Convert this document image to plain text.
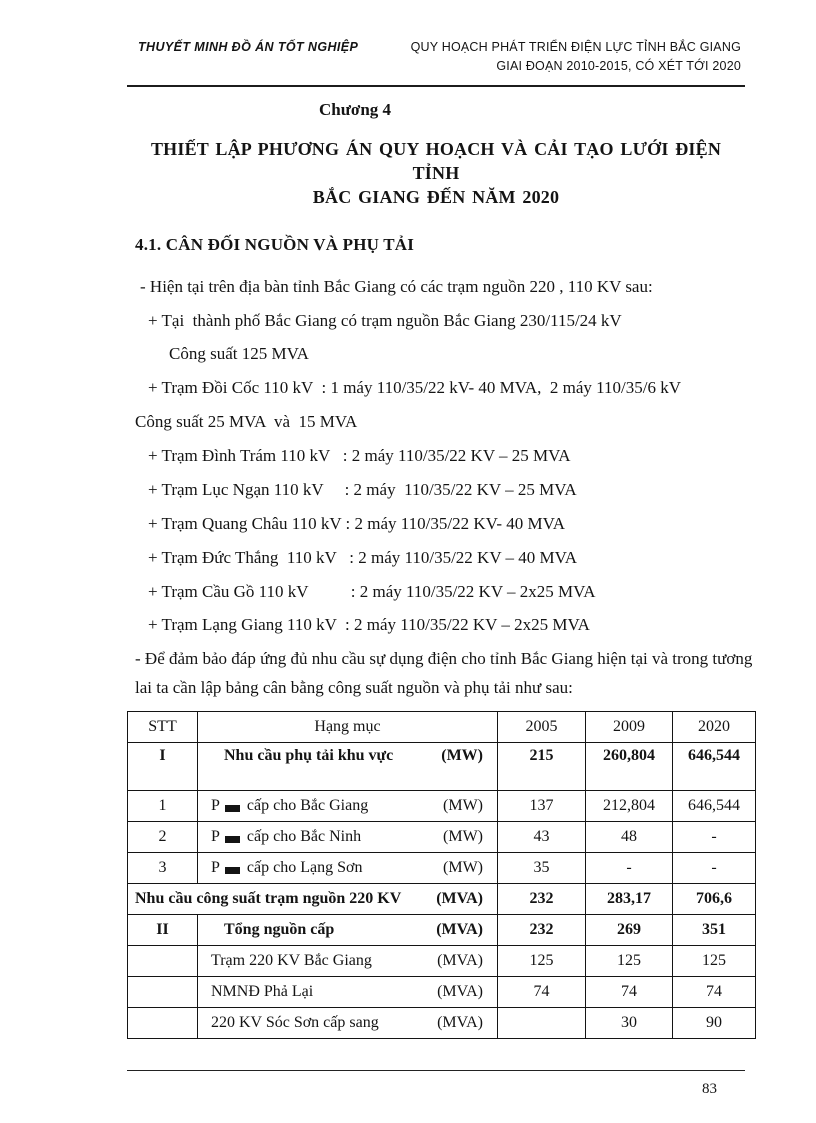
THUYẾT MINH ĐỒ ÁN TỐT NGHIỆP	QUY HOẠCH PHÁT TRIỂN ĐIỆN LỰC TỈNH BẮC GIANG
GIAI ĐOẠN 2010-2015, CÓ XÉT TỚI 2020
Chương 4
THIẾT LẬP PHƯƠNG ÁN QUY HOẠCH VÀ CẢI TẠO LƯỚI ĐIỆN TỈNH
BẮC GIANG ĐẾN NĂM 2020
4.1. CÂN ĐỐI NGUỒN VÀ PHỤ TẢI

- Hiện tại trên địa bàn tỉnh Bắc Giang có các trạm nguồn 220 , 110 KV sau:

+ Tại  thành phố Bắc Giang có trạm nguồn Bắc Giang 230/115/24 kV

Công suất 125 MVA

+ Trạm Đồi Cốc 110 kV  : 1 máy 110/35/22 kV- 40 MVA,  2 máy 110/35/6 kV

Công suất 25 MVA  và  15 MVA

+ Trạm Đình Trám 110 kV   : 2 máy 110/35/22 KV – 25 MVA

+ Trạm Lục Ngạn 110 kV     : 2 máy  110/35/22 KV – 25 MVA

+ Trạm Quang Châu 110 kV : 2 máy 110/35/22 KV- 40 MVA

+ Trạm Đức Thắng  110 kV   : 2 máy 110/35/22 KV – 40 MVA

+ Trạm Cầu Gồ 110 kV          : 2 máy 110/35/22 KV – 2x25 MVA

+ Trạm Lạng Giang 110 kV  : 2 máy 110/35/22 KV – 2x25 MVA

- Để đảm bảo đáp ứng đủ nhu cầu sự dụng điện cho tỉnh Bắc Giang hiện tại và trong tương lai ta cần lập bảng cân bằng công suất nguồn và phụ tải như sau:

STT	Hạng mục	2005	2009	2020
I	Nhu cầu phụ tải khu vực (MW)	215	260,804	646,544
1	P cấp cho Bắc Giang (MW)	137	212,804	646,544
2	P cấp cho Bắc Ninh (MW)	43	48	-
3	P cấp cho Lạng Sơn (MW)	35	-	-

Nhu cầu công suất trạm nguồn 220 KV (MVA)		232	283,17	706,6
II	Tổng nguồn cấp (MVA)	232	269	351

	Trạm 220 KV Bắc Giang (MVA)	125	125	125

	NMNĐ Phả Lại (MVA)	74	74	74

	220 KV Sóc Sơn cấp sang (MVA)		30	90
83
